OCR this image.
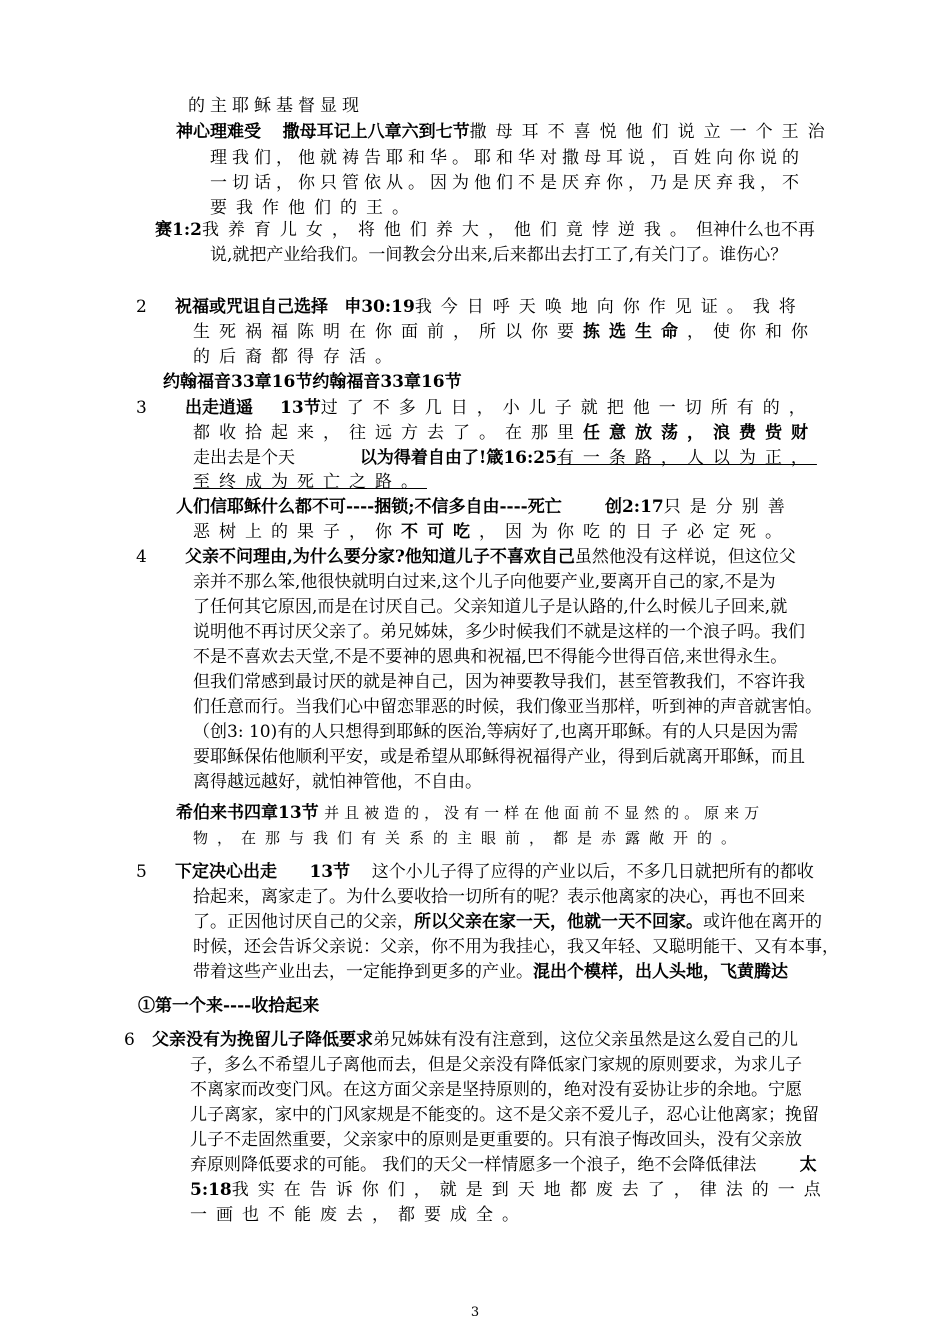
的主耶稣基督显现
神心理难受 撒母耳记上八章六到七节撒母耳不喜悦他们说立一个王治
理我们，他就祷告耶和华。耶和华对撒母耳说，百姓向你说的
一切话，你只管依从。因为他们不是厌弃你，乃是厌弃我，不
要我作他们的王。
赛1:2我养育儿女，将他们养大，他们竟悖逆我。但神什么也不再
说,就把产业给我们。一间教会分出来,后来都出去打工了,有关门了。谁伤心？
2 祝福或咒诅自己选择 申30:19我今日呼天唤地向你作见证。我将
生死祸福陈明在你面前，所以你要拣选生命，使你和你
的后裔都得存活。
约翰福音33章16节约翰福音33章16节
3 出走逍遥 13节过了不多几日，小儿子就把他一切所有的，
都收拾起来，往远方去了。在那里任意放荡，浪费赀财
走出去是个天	以为得着自由了!箴16:25有一条路，人以为正，
至终成为死亡之路。
人们信耶稣什么都不可----捆锁;不信多自由----死亡	创2:17只是分别善
恶树上的果子，你不可吃，因为你吃的日子必定死。
4 父亲不问理由,为什么要分家?他知道儿子不喜欢自己虽然他没有这样说，但这位父
亲并不那么笨,他很快就明白过来,这个儿子向他要产业,要离开自己的家,不是为
了任何其它原因,而是在讨厌自己。父亲知道儿子是认路的,什么时候儿子回来,就
说明他不再讨厌父亲了。弟兄姊妹，多少时候我们不就是这样的一个浪子吗。我们
不是不喜欢去天堂,不是不要神的恩典和祝福,巴不得能今世得百倍,来世得永生。
但我们常感到最讨厌的就是神自己，因为神要教导我们，甚至管教我们，不容许我
们任意而行。当我们心中留恋罪恶的时候，我们像亚当那样，听到神的声音就害怕。
（创3: 10)有的人只想得到耶稣的医治,等病好了,也离开耶稣。有的人只是因为需
要耶稣保佑他顺利平安，或是希望从耶稣得祝福得产业，得到后就离开耶稣，而且
离得越远越好，就怕神管他，不自由。
希伯来书四章13节 并且被造的，没有一样在他面前不显然的。原来万
物，在那与我们有关系的主眼前，都是赤露敞开的。
5 下定决心出走 13节 这个小儿子得了应得的产业以后，不多几日就把所有的都收
拾起来，离家走了。为什么要收拾一切所有的呢？表示他离家的决心，再也不回来
了。正因他讨厌自己的父亲，所以父亲在家一天，他就一天不回家。或许他在离开的
时候，还会告诉父亲说：父亲，你不用为我挂心，我又年轻、又聪明能干、又有本事，
带着这些产业出去，一定能挣到更多的产业。混出个模样，出人头地，飞黄腾达
①第一个来----收拾起来
6 父亲没有为挽留儿子降低要求弟兄姊妹有没有注意到，这位父亲虽然是这么爱自己的儿
子，多么不希望儿子离他而去，但是父亲没有降低家门家规的原则要求，为求儿子
不离家而改变门风。在这方面父亲是坚持原则的，绝对没有妥协让步的余地。宁愿
儿子离家，家中的门风家规是不能变的。这不是父亲不爱儿子，忍心让他离家；挽留
儿子不走固然重要，父亲家中的原则是更重要的。只有浪子悔改回头，没有父亲放
弃原则降低要求的可能。 我们的天父一样情愿多一个浪子，绝不会降低律法	太
5:18我实在告诉你们，就是到天地都废去了，律法的一点
一画也不能废去，都要成全。
3
